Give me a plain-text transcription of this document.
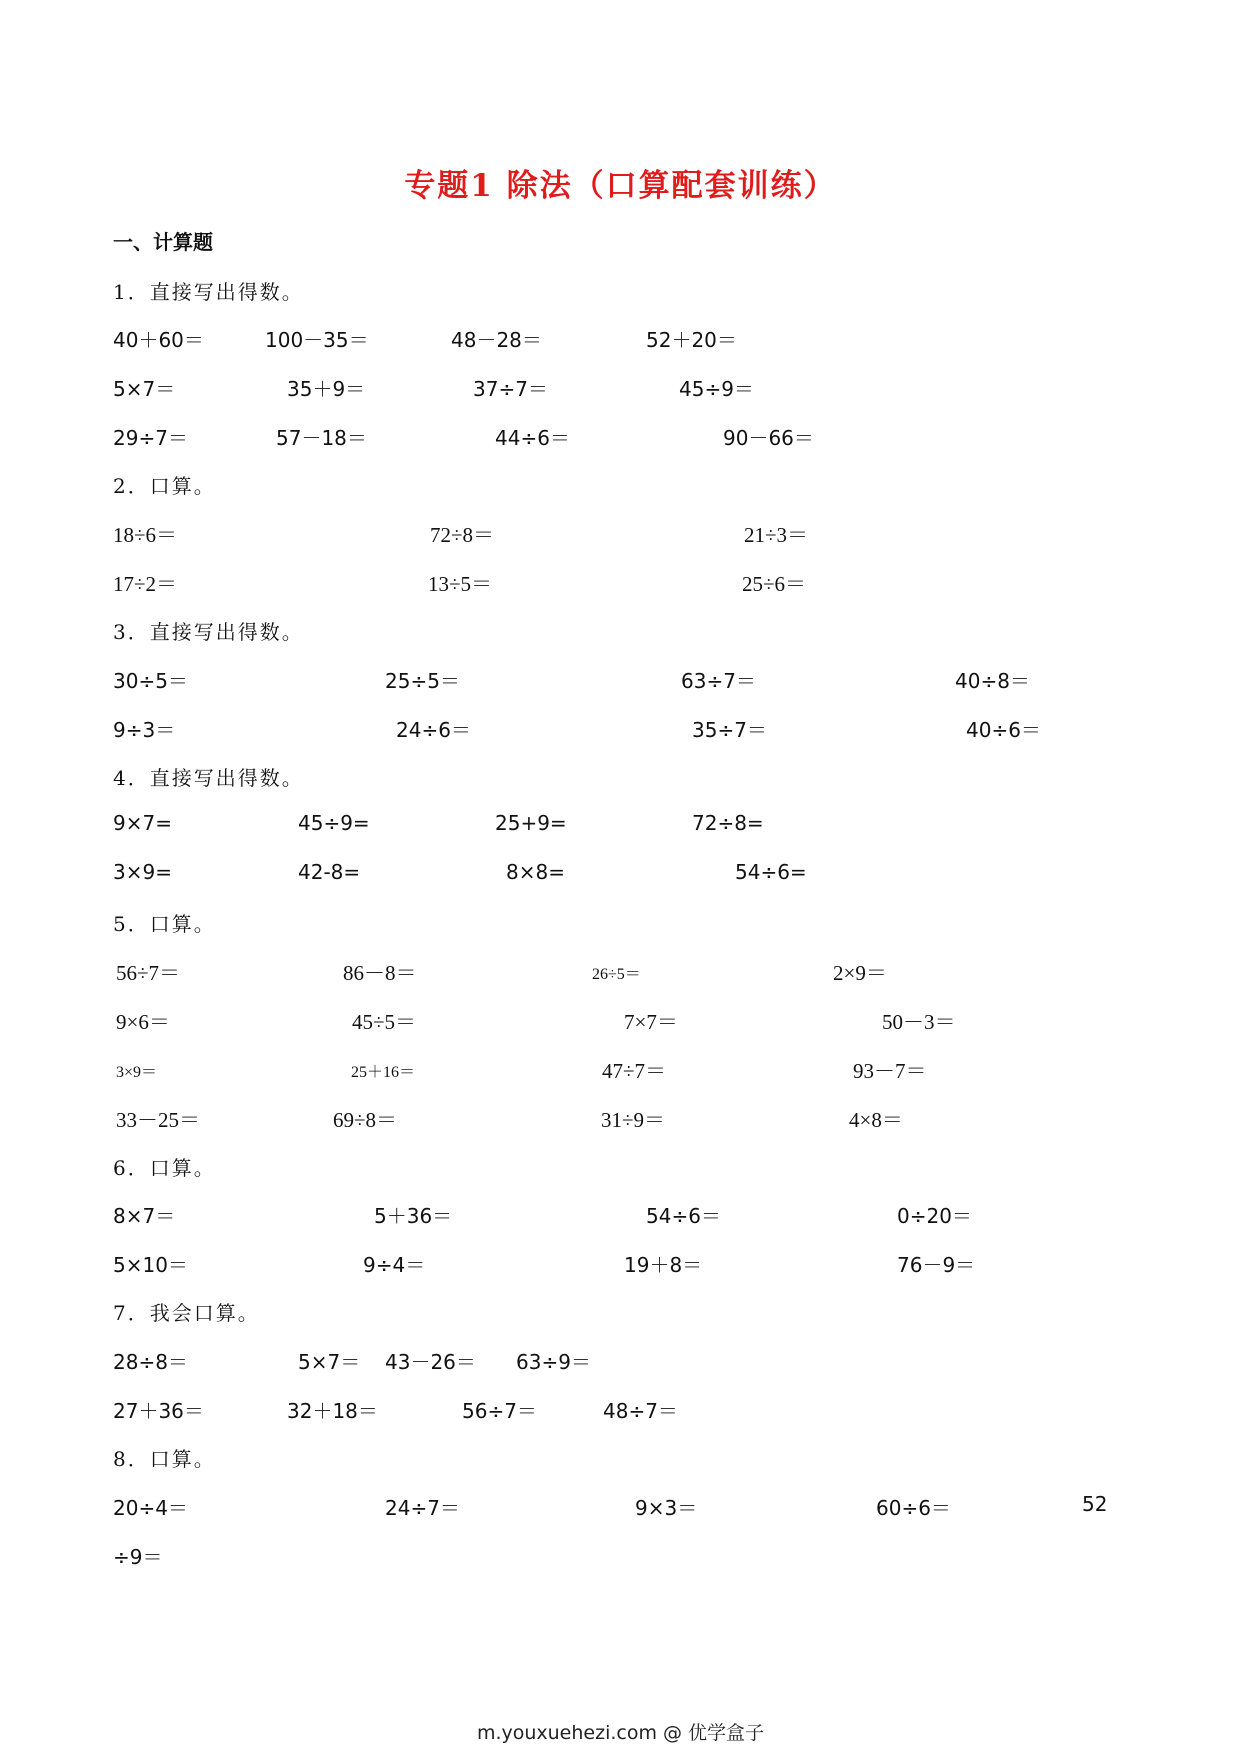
专题1 除法（口算配套训练）
一、计算题
1．直接写出得数。
40＋60＝	100－35＝	48－28＝	52＋20＝
5×7＝	35＋9＝	37÷7＝	45÷9＝
29÷7＝	57－18＝	44÷6＝	90－66＝
2．口算。
18÷6＝	72÷8＝	21÷3＝
17÷2＝	13÷5＝	25÷6＝
3．直接写出得数。
30÷5＝	25÷5＝	63÷7＝	40÷8＝
9÷3＝	24÷6＝	35÷7＝	40÷6＝
4．直接写出得数。
9×7=	45÷9=	25+9=	72÷8=
3×9=	42-8=	8×8=	54÷6=
5．口算。
56÷7＝	86－8＝	26÷5＝	2×9＝
9×6＝	45÷5＝	7×7＝	50－3＝
3×9＝	25＋16＝	47÷7＝	93－7＝
33－25＝	69÷8＝	31÷9＝	4×8＝
6．口算。
8×7＝	5＋36＝	54÷6＝	0÷20＝
5×10＝	9÷4＝	19＋8＝	76－9＝
7．我会口算。
28÷8＝	5×7＝ 43－26＝ 63÷9＝
27＋36＝	32＋18＝	56÷7＝	48÷7＝
8．口算。
20÷4＝	24÷7＝	9×3＝	60÷6＝	52
÷9＝
m.youxuehezi.com @ 优学盒子
